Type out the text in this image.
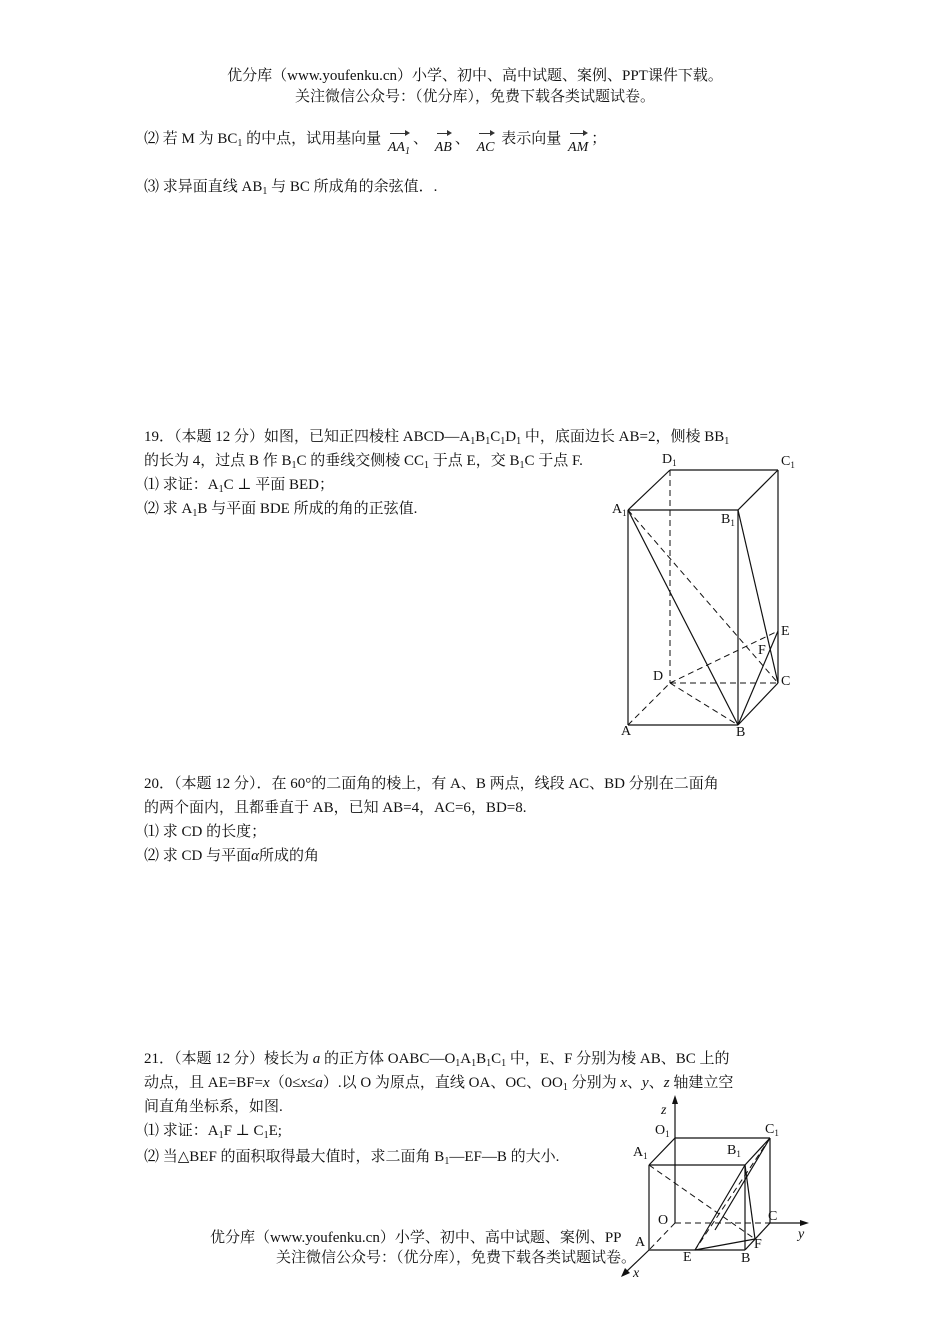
优分库（www.youfenku.cn）小学、初中、高中试题、案例、PPT课件下载。
关注微信公众号：（优分库），免费下载各类试题试卷。
⑵ 若 M 为 $BC_1$ 的中点，试用基向量 $AA_1$、 AB、 AC 表示向量 AM；
⑶ 求异面直线 $AB_1$ 与 BC 所成角的余弦值．.
19．（本题 12 分）如图，已知正四棱柱 $ABCD—A_1B_1C_1D_1$ 中，底面边长 AB=2，侧棱 $BB_1$
的长为 4，过点 B 作 $B_1C$ 的垂线交侧棱 $CC_1$ 于点 E，交 $B_1C$ 于点 F.
⑴ 求证：$A_1C$ ⊥ 平面 BED；
⑵ 求 $A_1B$ 与平面 BDE 所成的角的正弦值.
$D_1$	$C_1$
$A_1$	$B_1$
E
F
D	C
A	B
20．（本题 12 分）．在 60°的二面角的棱上，有 A、B 两点，线段 AC、BD 分别在二面角
的两个面内，且都垂直于 AB，已知 AB=4，AC=6，BD=8.
⑴ 求 CD 的长度；
⑵ 求 CD 与平面α所成的角
21．（本题 12 分）棱长为 a 的正方体 $OABC—O_1A_1B_1C_1$ 中，E、F 分别为棱 AB、BC 上的
动点，且 AE=BF=x（0≤x≤a）.以 O 为原点，直线 OA、OC、$OO_1$ 分别为 x、y、z 轴建立空
间直角坐标系，如图.
⑴ 求证：$A_1F$ ⊥ $C_1E$;
⑵ 当△BEF 的面积取得最大值时，求二面角 $B_1—EF—B$ 的大小.
z
$O_1$	$C_1$
$A_1$	$B_1$
O	C
y
A	F
E	B
x
优分库（www.youfenku.cn）小学、初中、高中试题、案例、PP
关注微信公众号：（优分库），免费下载各类试题试卷。
